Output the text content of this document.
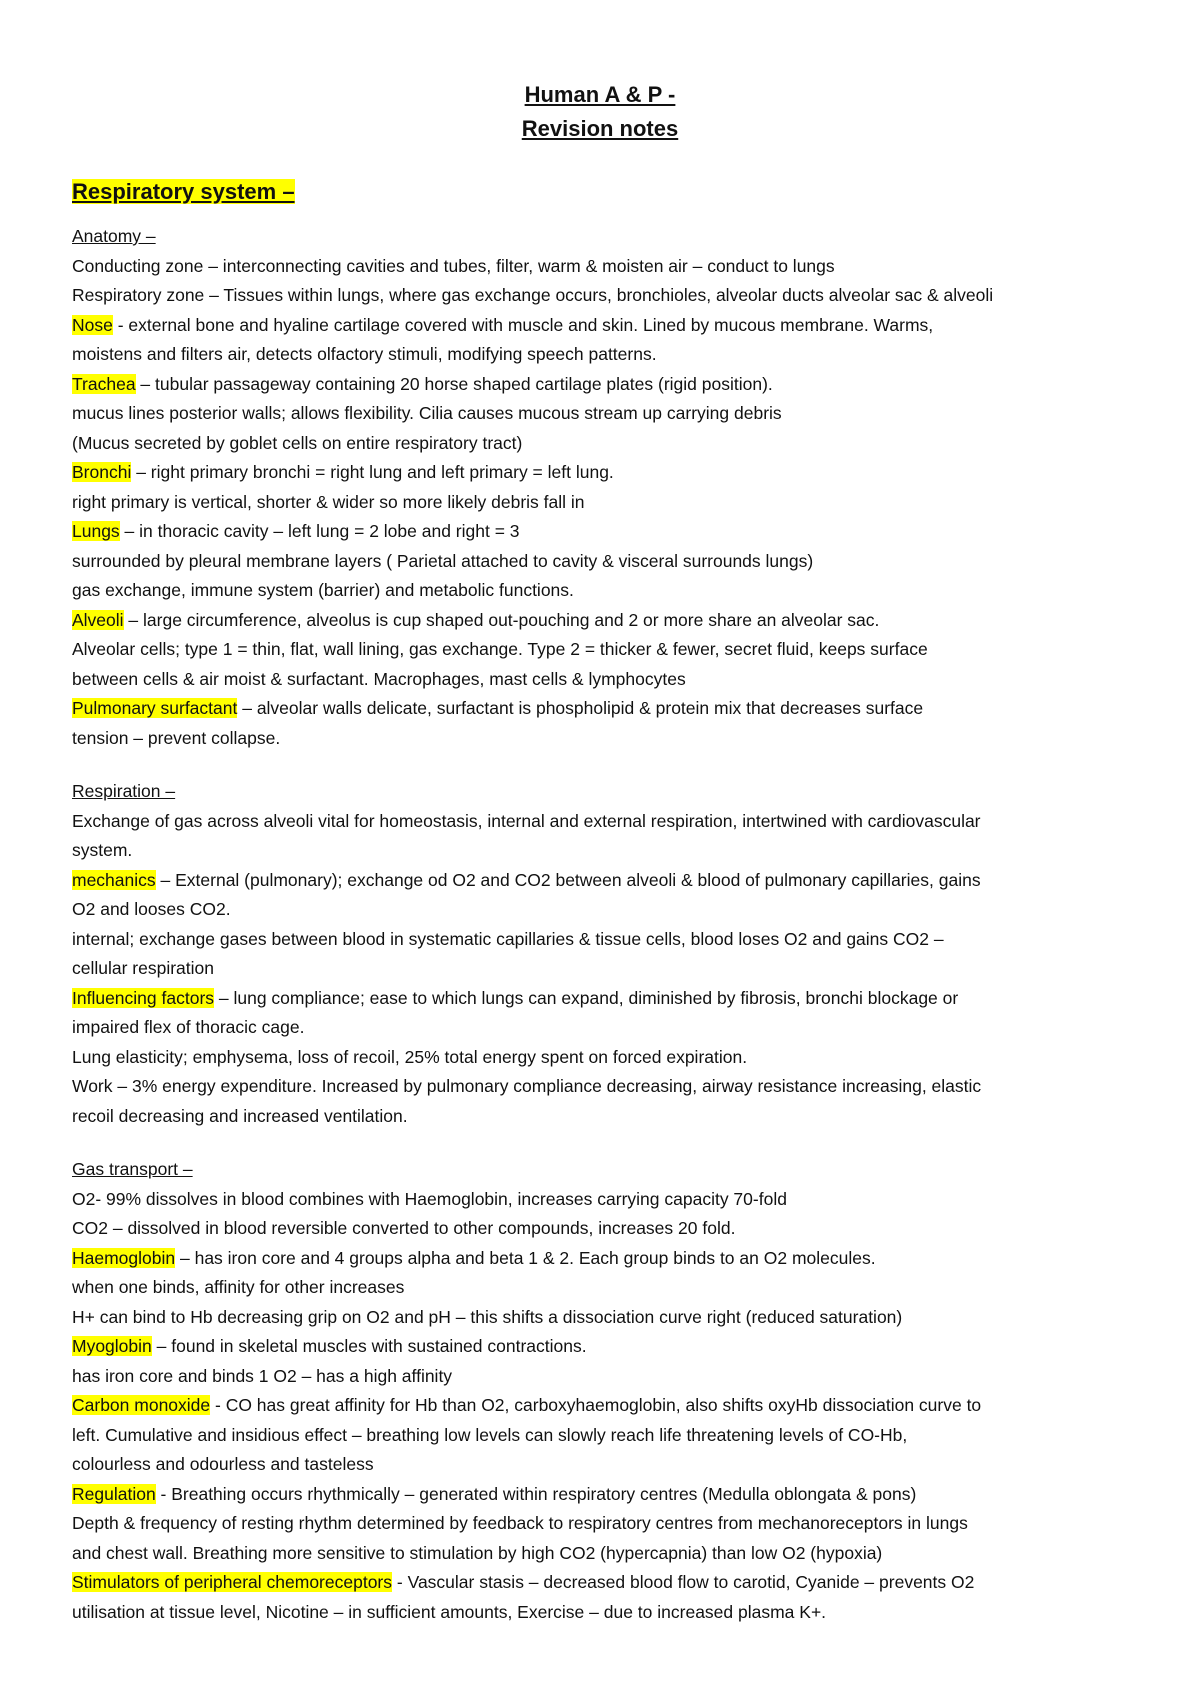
Human A & P -
Revision notes
Respiratory system –
Anatomy –
Conducting zone – interconnecting cavities and tubes, filter, warm & moisten air – conduct to lungs
Respiratory zone – Tissues within lungs, where gas exchange occurs, bronchioles, alveolar ducts alveolar sac & alveoli
Nose - external bone and hyaline cartilage covered with muscle and skin. Lined by mucous membrane. Warms,
moistens and filters air, detects olfactory stimuli, modifying speech patterns.
Trachea – tubular passageway containing 20 horse shaped cartilage plates (rigid position).
mucus lines posterior walls; allows flexibility. Cilia causes mucous stream up carrying debris
(Mucus secreted by goblet cells on entire respiratory tract)
Bronchi – right primary bronchi = right lung and left primary = left lung.
right primary is vertical, shorter & wider so more likely debris fall in
Lungs – in thoracic cavity – left lung = 2 lobe and right = 3
surrounded by pleural membrane layers ( Parietal attached to cavity & visceral surrounds lungs)
gas exchange, immune system (barrier) and metabolic functions.
Alveoli – large circumference, alveolus is cup shaped out-pouching and 2 or more share an alveolar sac.
Alveolar cells; type 1 = thin, flat, wall lining, gas exchange. Type 2 = thicker & fewer, secret fluid, keeps surface
between cells & air moist & surfactant. Macrophages, mast cells & lymphocytes
Pulmonary surfactant – alveolar walls delicate, surfactant is phospholipid & protein mix that decreases surface
tension – prevent collapse.
Respiration –
Exchange of gas across alveoli vital for homeostasis, internal and external respiration, intertwined with cardiovascular
system.
mechanics – External (pulmonary); exchange od O2 and CO2 between alveoli & blood of pulmonary capillaries, gains
O2 and looses CO2.
internal; exchange gases between blood in systematic capillaries & tissue cells, blood loses O2 and gains CO2 –
cellular respiration
Influencing factors – lung compliance; ease to which lungs can expand, diminished by fibrosis, bronchi blockage or
impaired flex of thoracic cage.
Lung elasticity; emphysema, loss of recoil, 25% total energy spent on forced expiration.
Work – 3% energy expenditure. Increased by pulmonary compliance decreasing, airway resistance increasing, elastic
recoil decreasing and increased ventilation.
Gas transport –
O2- 99% dissolves in blood combines with Haemoglobin, increases carrying capacity 70-fold
CO2 – dissolved in blood reversible converted to other compounds, increases 20 fold.
Haemoglobin – has iron core and 4 groups alpha and beta 1 & 2. Each group binds to an O2 molecules.
when one binds, affinity for other increases
H+ can bind to Hb decreasing grip on O2 and pH – this shifts a dissociation curve right (reduced saturation)
Myoglobin – found in skeletal muscles with sustained contractions.
has iron core and binds 1 O2 – has a high affinity
Carbon monoxide - CO has great affinity for Hb than O2, carboxyhaemoglobin, also shifts oxyHb dissociation curve to
left. Cumulative and insidious effect – breathing low levels can slowly reach life threatening levels of CO-Hb,
colourless and odourless and tasteless
Regulation - Breathing occurs rhythmically – generated within respiratory centres (Medulla oblongata & pons)
Depth & frequency of resting rhythm determined by feedback to respiratory centres from mechanoreceptors in lungs
and chest wall. Breathing more sensitive to stimulation by high CO2 (hypercapnia) than low O2 (hypoxia)
Stimulators of peripheral chemoreceptors - Vascular stasis – decreased blood flow to carotid, Cyanide – prevents O2
utilisation at tissue level, Nicotine – in sufficient amounts, Exercise – due to increased plasma K+.
